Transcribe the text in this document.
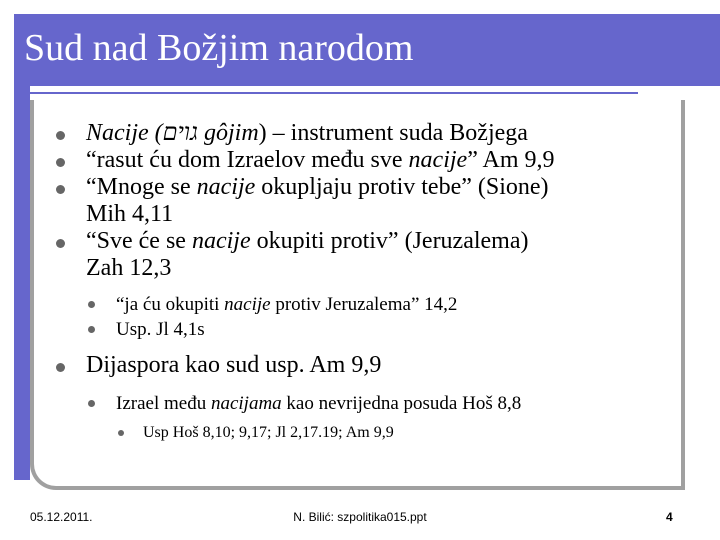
Sud nad Božjim narodom
Nacije (גוים gôjim) – instrument suda Božjega
“rasut ću dom Izraelov među sve nacije” Am 9,9
“Mnoge se nacije okupljaju protiv tebe” (Sione)
Mih 4,11
“Sve će se nacije okupiti protiv” (Jeruzalema)
Zah 12,3
“ja ću okupiti nacije protiv Jeruzalema” 14,2
Usp. Jl 4,1s
Dijaspora kao sud usp. Am 9,9
Izrael među nacijama kao nevrijedna posuda Hoš 8,8
Usp Hoš 8,10; 9,17; Jl 2,17.19; Am 9,9
05.12.2011.	N. Bilić: szpolitika015.ppt	4
